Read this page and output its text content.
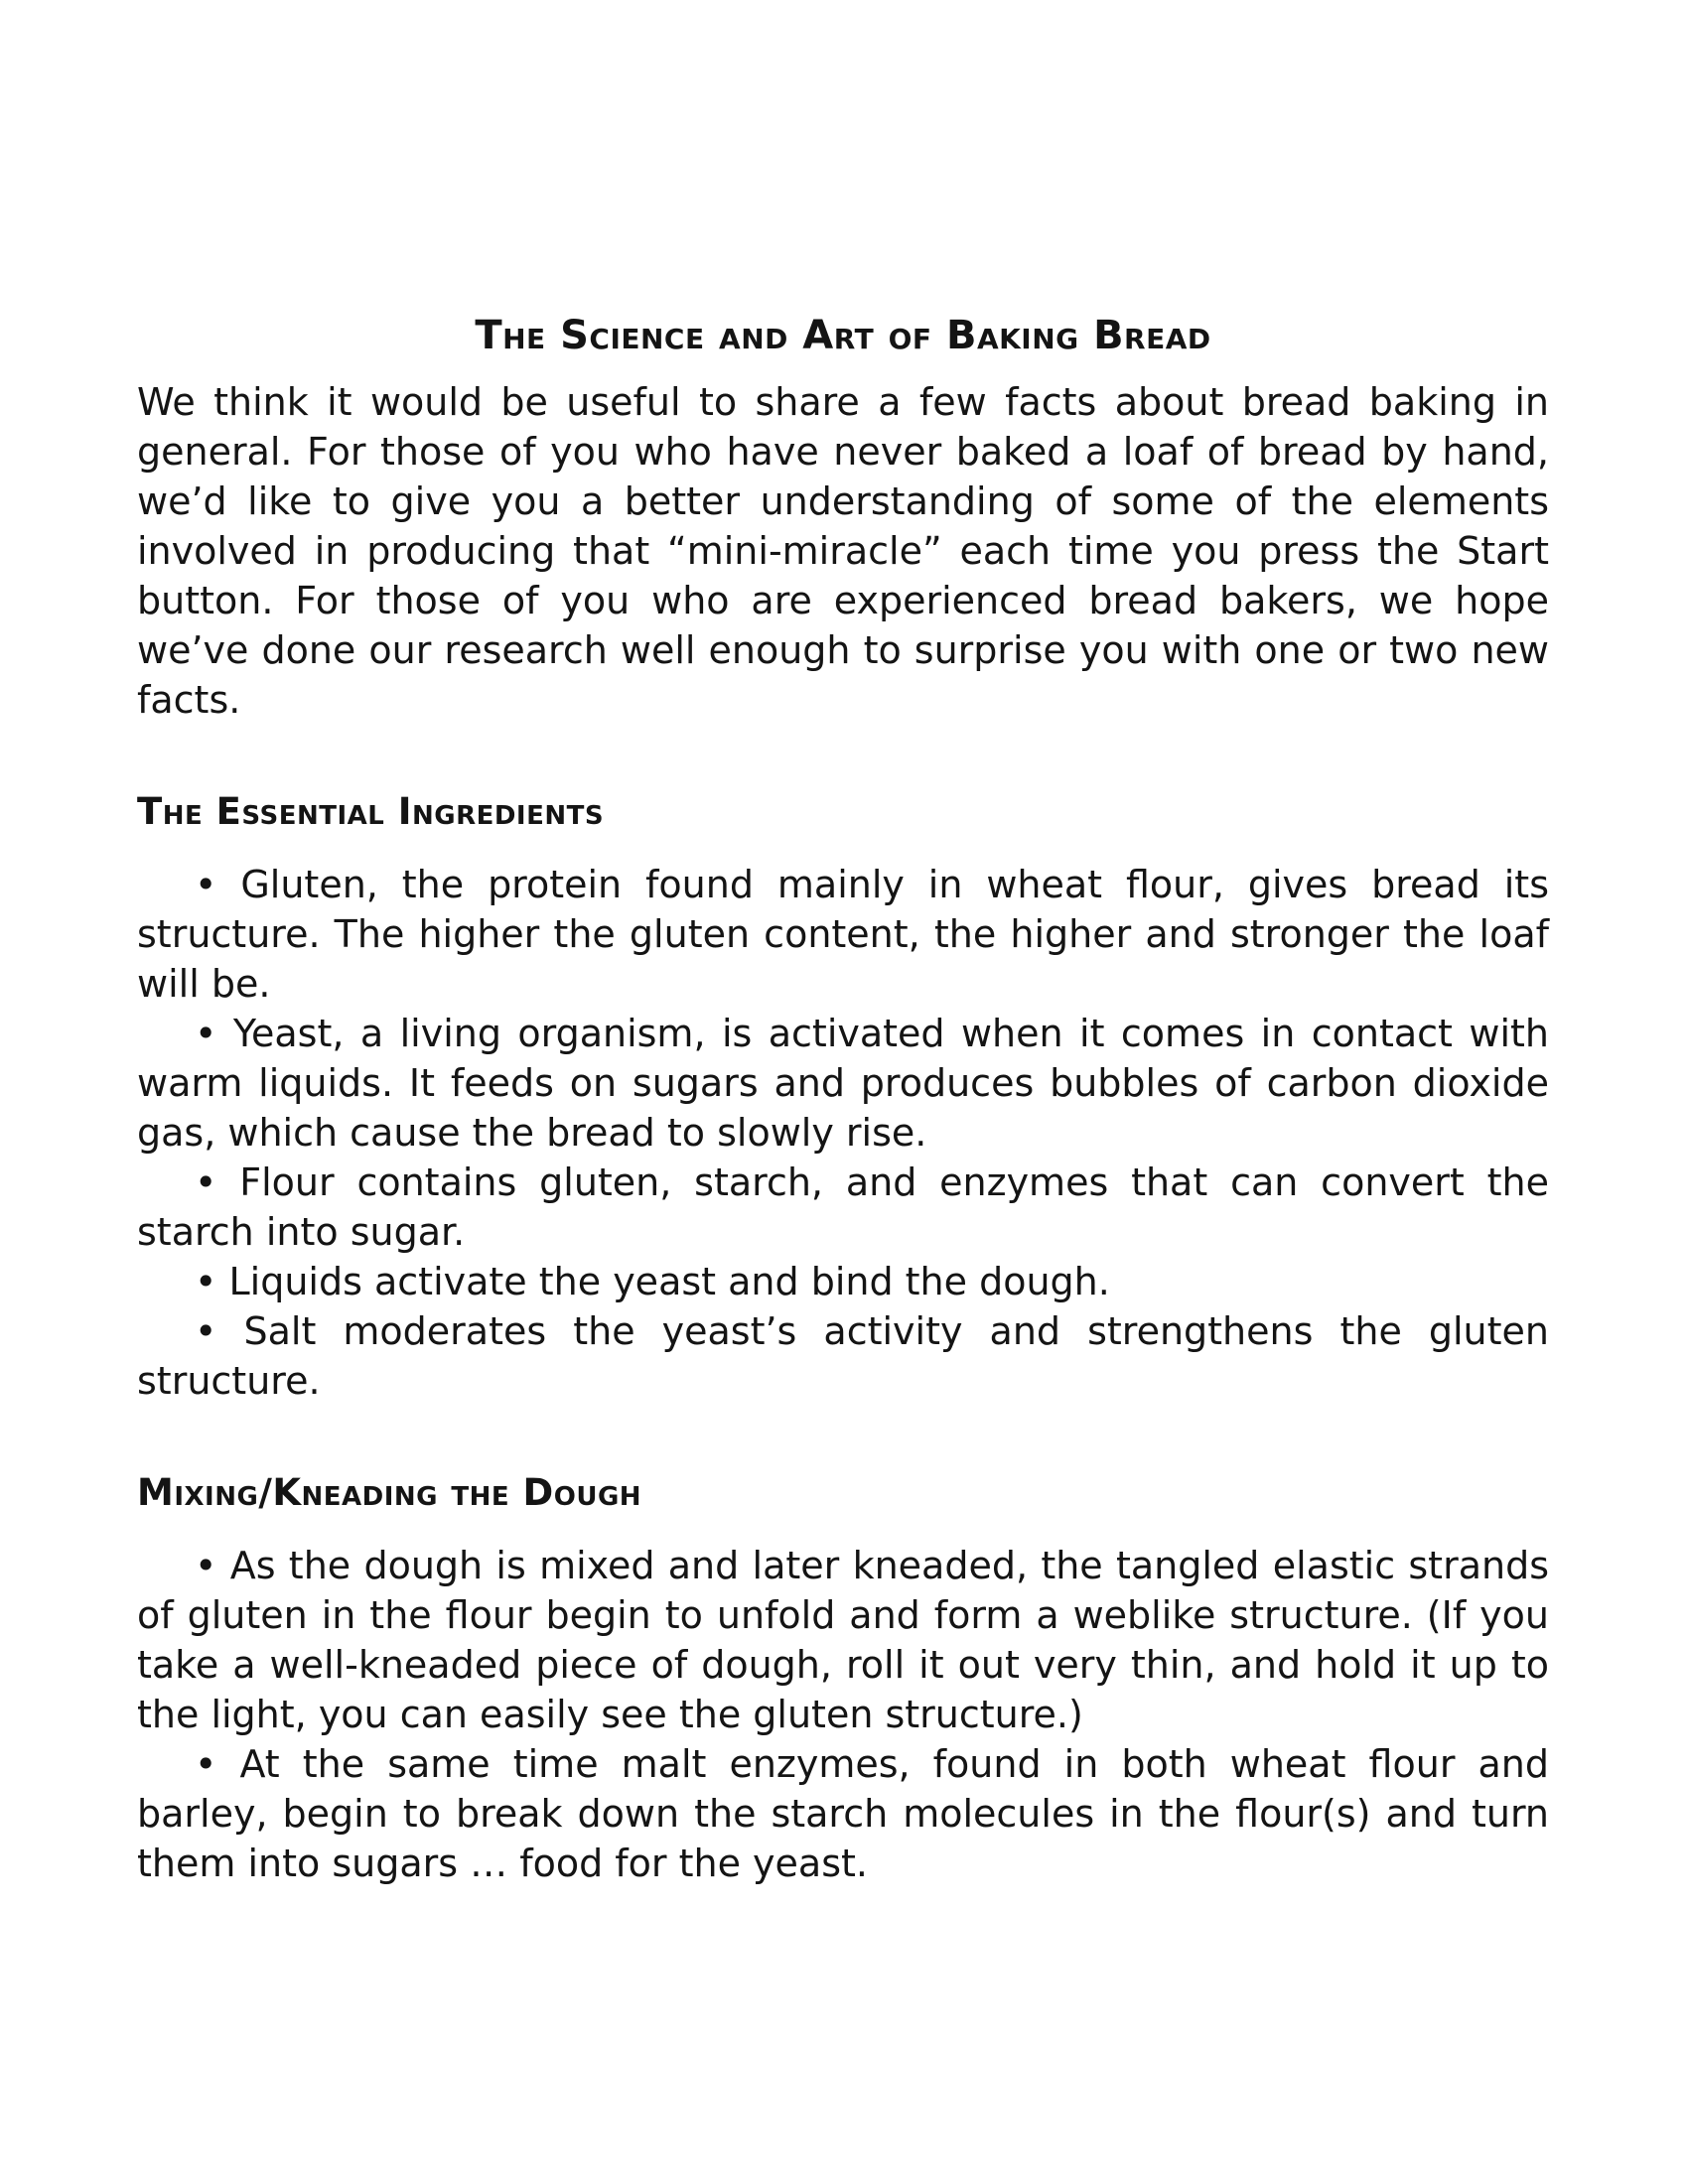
The Science and Art of Baking Bread

We think it would be useful to share a few facts about bread baking in general. For those of you who have never baked a loaf of bread by hand, we’d like to give you a better understanding of some of the elements involved in producing that “mini-miracle” each time you press the Start button. For those of you who are experienced bread bakers, we hope we’ve done our research well enough to surprise you with one or two new facts.

The Essential Ingredients
• Gluten, the protein found mainly in wheat flour, gives bread its structure. The higher the gluten content, the higher and stronger the loaf will be.
• Yeast, a living organism, is activated when it comes in contact with warm liquids. It feeds on sugars and produces bubbles of carbon dioxide gas, which cause the bread to slowly rise.
• Flour contains gluten, starch, and enzymes that can convert the starch into sugar.
• Liquids activate the yeast and bind the dough.
• Salt moderates the yeast’s activity and strengthens the gluten structure.
Mixing/Kneading the Dough
• As the dough is mixed and later kneaded, the tangled elastic strands of gluten in the flour begin to unfold and form a weblike structure. (If you take a well-kneaded piece of dough, roll it out very thin, and hold it up to the light, you can easily see the gluten structure.)
• At the same time malt enzymes, found in both wheat flour and barley, begin to break down the starch molecules in the flour(s) and turn them into sugars … food for the yeast.
